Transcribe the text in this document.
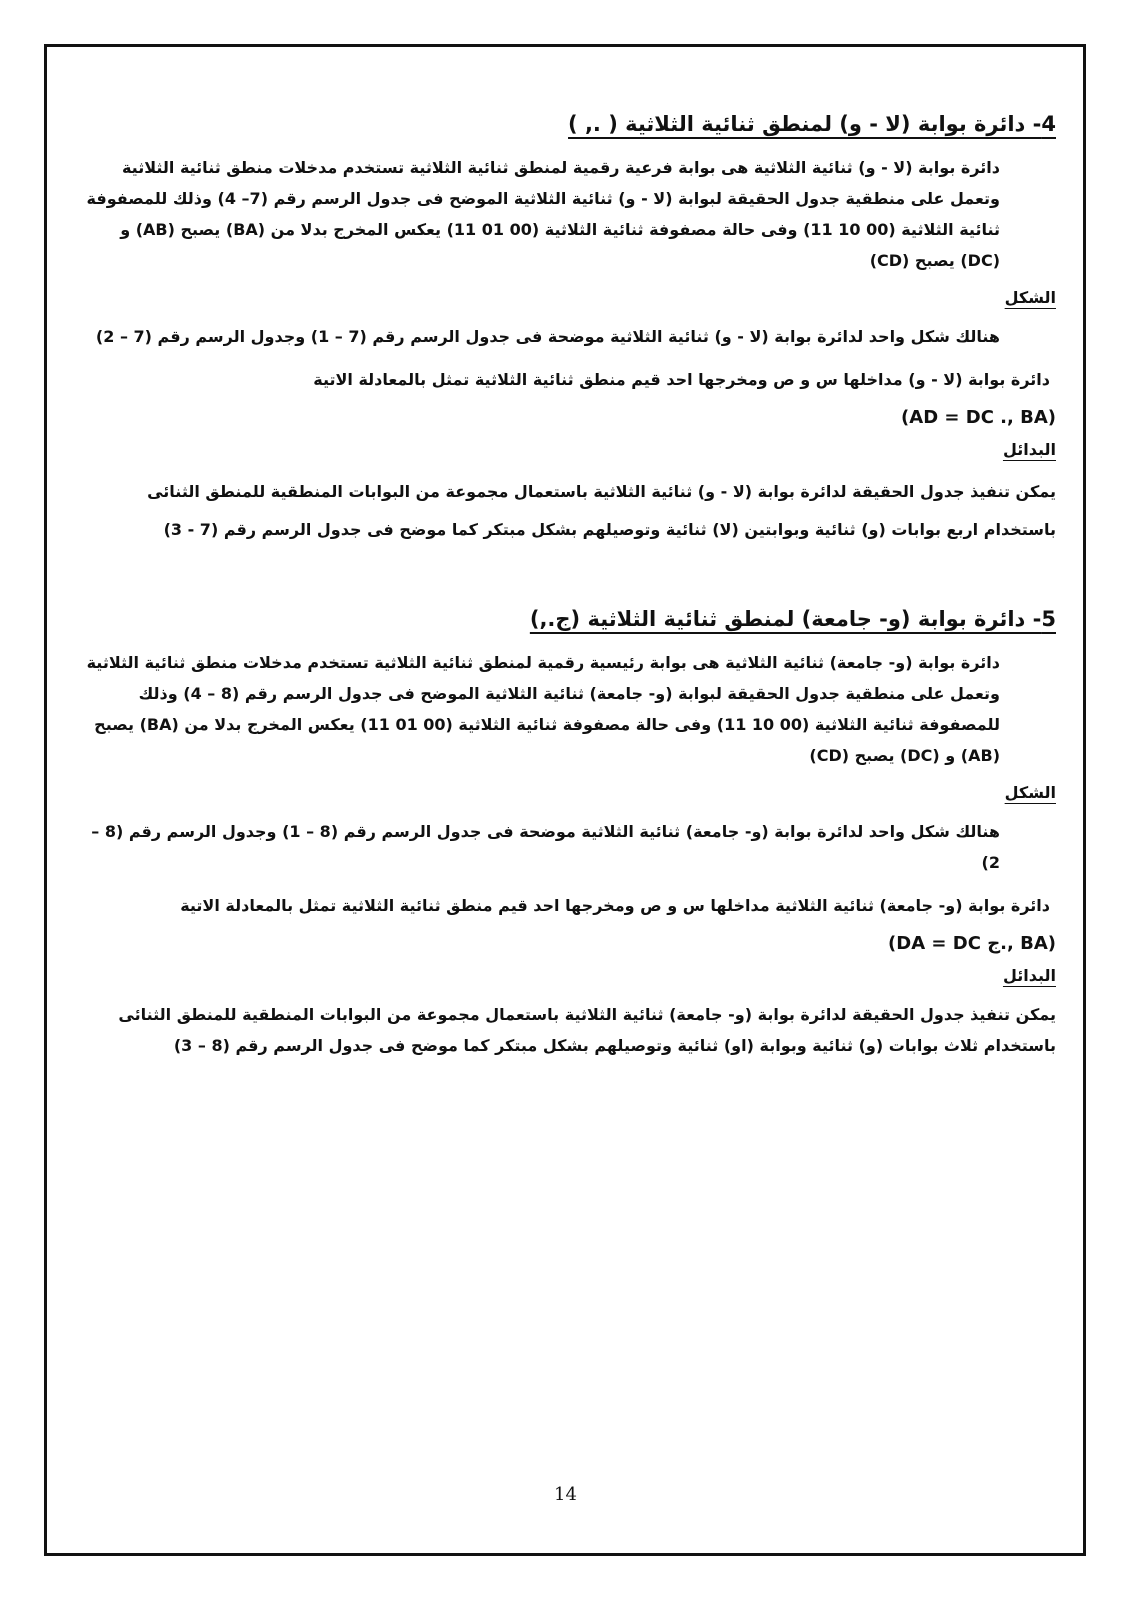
4- دائرة بوابة (لا - و) لمنطق ثنائية الثلاثية ( ., )

دائرة بوابة (لا - و) ثنائية الثلاثية هى بوابة فرعية رقمية لمنطق ثنائية الثلاثية تستخدم مدخلات منطق ثنائية الثلاثية وتعمل على منطقية جدول الحقيقة لبوابة (لا - و) ثنائية الثلاثية الموضح فى جدول الرسم رقم (7– 4) وذلك للمصفوفة ثنائية الثلاثية (00 10 11) وفى حالة مصفوفة ثنائية الثلاثية (00 01 11) يعكس المخرج بدلا من (BA) يصبح (AB) و (DC) يصبح (CD)

الشكل

هنالك شكل واحد لدائرة بوابة (لا - و) ثنائية الثلاثية موضحة فى جدول الرسم رقم (7 – 1) وجدول الرسم رقم (7 – 2)

دائرة بوابة (لا - و) مداخلها س و ص ومخرجها احد قيم منطق ثنائية الثلاثية تمثل بالمعادلة الاتية

(AD = DC ., BA)
البدائل

يمكن تنفيذ جدول الحقيقة لدائرة بوابة (لا - و) ثنائية الثلاثية باستعمال مجموعة من البوابات المنطقية للمنطق الثنائى باستخدام اربع بوابات (و) ثنائية وبوابتين (لا) ثنائية وتوصيلهم بشكل مبتكر كما موضح فى جدول الرسم رقم (7 - 3)

5- دائرة بوابة (و- جامعة) لمنطق ثنائية الثلاثية (ج.,)

دائرة بوابة (و- جامعة) ثنائية الثلاثية هى بوابة رئيسية رقمية لمنطق ثنائية الثلاثية تستخدم مدخلات منطق ثنائية الثلاثية وتعمل على منطقية جدول الحقيقة لبوابة (و- جامعة) ثنائية الثلاثية الموضح فى جدول الرسم رقم (8 – 4) وذلك للمصفوفة ثنائية الثلاثية (00 10 11) وفى حالة مصفوفة ثنائية الثلاثية (00 01 11) يعكس المخرج بدلا من (BA) يصبح (AB) و (DC) يصبح (CD)

الشكل

هنالك شكل واحد لدائرة بوابة (و- جامعة) ثنائية الثلاثية موضحة فى جدول الرسم رقم (8 – 1) وجدول الرسم رقم (8 – 2)

دائرة بوابة (و- جامعة) ثنائية الثلاثية مداخلها س و ص ومخرجها احد قيم منطق ثنائية الثلاثية تمثل بالمعادلة الاتية

(DA = DC ج., BA)
البدائل

يمكن تنفيذ جدول الحقيقة لدائرة بوابة (و- جامعة) ثنائية الثلاثية باستعمال مجموعة من البوابات المنطقية للمنطق الثنائى باستخدام ثلاث بوابات (و) ثنائية وبوابة (او) ثنائية وتوصيلهم بشكل مبتكر كما موضح فى جدول الرسم رقم (8 – 3)

14
